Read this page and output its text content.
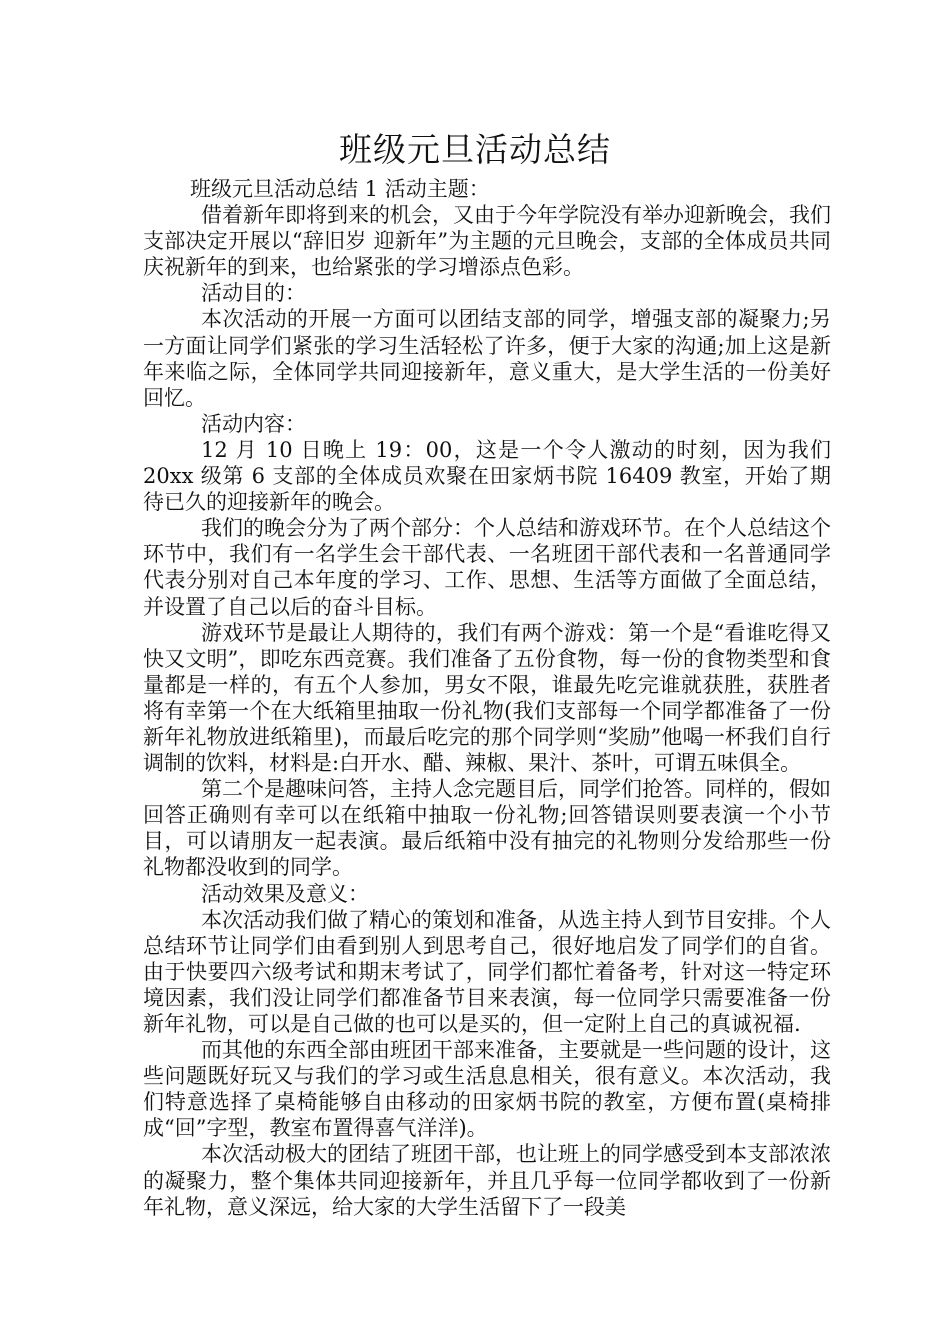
班级元旦活动总结

班级元旦活动总结 1 活动主题：

借着新年即将到来的机会，又由于今年学院没有举办迎新晚会，我们支部决定开展以“辞旧岁 迎新年”为主题的元旦晚会，支部的全体成员共同庆祝新年的到来，也给紧张的学习增添点色彩。

活动目的：

本次活动的开展一方面可以团结支部的同学，增强支部的凝聚力;另一方面让同学们紧张的学习生活轻松了许多，便于大家的沟通;加上这是新年来临之际，全体同学共同迎接新年，意义重大，是大学生活的一份美好回忆。

活动内容：

12 月 10 日晚上 19：00，这是一个令人激动的时刻，因为我们 20xx 级第 6 支部的全体成员欢聚在田家炳书院 16409 教室，开始了期待已久的迎接新年的晚会。

我们的晚会分为了两个部分：个人总结和游戏环节。在个人总结这个环节中，我们有一名学生会干部代表、一名班团干部代表和一名普通同学代表分别对自己本年度的学习、工作、思想、生活等方面做了全面总结，并设置了自己以后的奋斗目标。

游戏环节是最让人期待的，我们有两个游戏：第一个是“看谁吃得又快又文明”，即吃东西竞赛。我们准备了五份食物，每一份的食物类型和食量都是一样的，有五个人参加，男女不限，谁最先吃完谁就获胜，获胜者将有幸第一个在大纸箱里抽取一份礼物(我们支部每一个同学都准备了一份新年礼物放进纸箱里)，而最后吃完的那个同学则“奖励”他喝一杯我们自行调制的饮料，材料是:白开水、醋、辣椒、果汁、茶叶，可谓五味俱全。

第二个是趣味问答，主持人念完题目后，同学们抢答。同样的，假如回答正确则有幸可以在纸箱中抽取一份礼物;回答错误则要表演一个小节目，可以请朋友一起表演。最后纸箱中没有抽完的礼物则分发给那些一份礼物都没收到的同学。

活动效果及意义：

本次活动我们做了精心的策划和准备，从选主持人到节目安排。个人总结环节让同学们由看到别人到思考自己，很好地启发了同学们的自省。由于快要四六级考试和期末考试了，同学们都忙着备考，针对这一特定环境因素，我们没让同学们都准备节目来表演，每一位同学只需要准备一份新年礼物，可以是自己做的也可以是买的，但一定附上自己的真诚祝福.

而其他的东西全部由班团干部来准备，主要就是一些问题的设计，这些问题既好玩又与我们的学习或生活息息相关，很有意义。本次活动，我们特意选择了桌椅能够自由移动的田家炳书院的教室，方便布置(桌椅排成“回”字型，教室布置得喜气洋洋)。

本次活动极大的团结了班团干部，也让班上的同学感受到本支部浓浓的凝聚力，整个集体共同迎接新年，并且几乎每一位同学都收到了一份新年礼物，意义深远，给大家的大学生活留下了一段美
